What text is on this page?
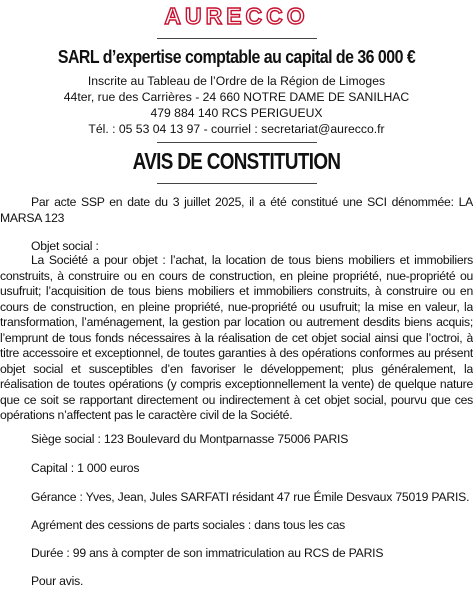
AURECCO
SARL d’expertise comptable au capital de 36 000 €
Inscrite au Tableau de l’Ordre de la Région de Limoges
44ter, rue des Carrières - 24 660 NOTRE DAME DE SANILHAC
479 884 140 RCS PERIGUEUX
Tél. : 05 53 04 13 97 - courriel : secretariat@aurecco.fr
AVIS DE CONSTITUTION
Par acte SSP en date du 3 juillet 2025, il a été constitué une SCI dénommée: LA MARSA 123
Objet social :
La Société a pour objet : l’achat, la location de tous biens mobiliers et immobiliers construits, à construire ou en cours de construction, en pleine propriété, nue-propriété ou usufruit; l’acquisition de tous biens mobiliers et immobiliers construits, à construire ou en cours de construction, en pleine propriété, nue-propriété ou usufruit; la mise en valeur, la transformation, l’aménagement, la gestion par location ou autrement desdits biens acquis; l’emprunt de tous fonds nécessaires à la réalisation de cet objet social ainsi que l’octroi, à titre accessoire et exceptionnel, de toutes garanties à des opérations conformes au présent objet social et susceptibles d’en favoriser le développement; plus généralement, la réalisation de toutes opérations (y compris exceptionnellement la vente) de quelque nature que ce soit se rapportant directement ou indirectement à cet objet social, pourvu que ces opérations n’affectent pas le caractère civil de la Société.
Siège social : 123 Boulevard du Montparnasse 75006 PARIS
Capital : 1 000 euros
Gérance : Yves, Jean, Jules SARFATI résidant 47 rue Émile Desvaux 75019 PARIS.
Agrément des cessions de parts sociales : dans tous les cas
Durée : 99 ans à compter de son immatriculation au RCS de PARIS
Pour avis.
